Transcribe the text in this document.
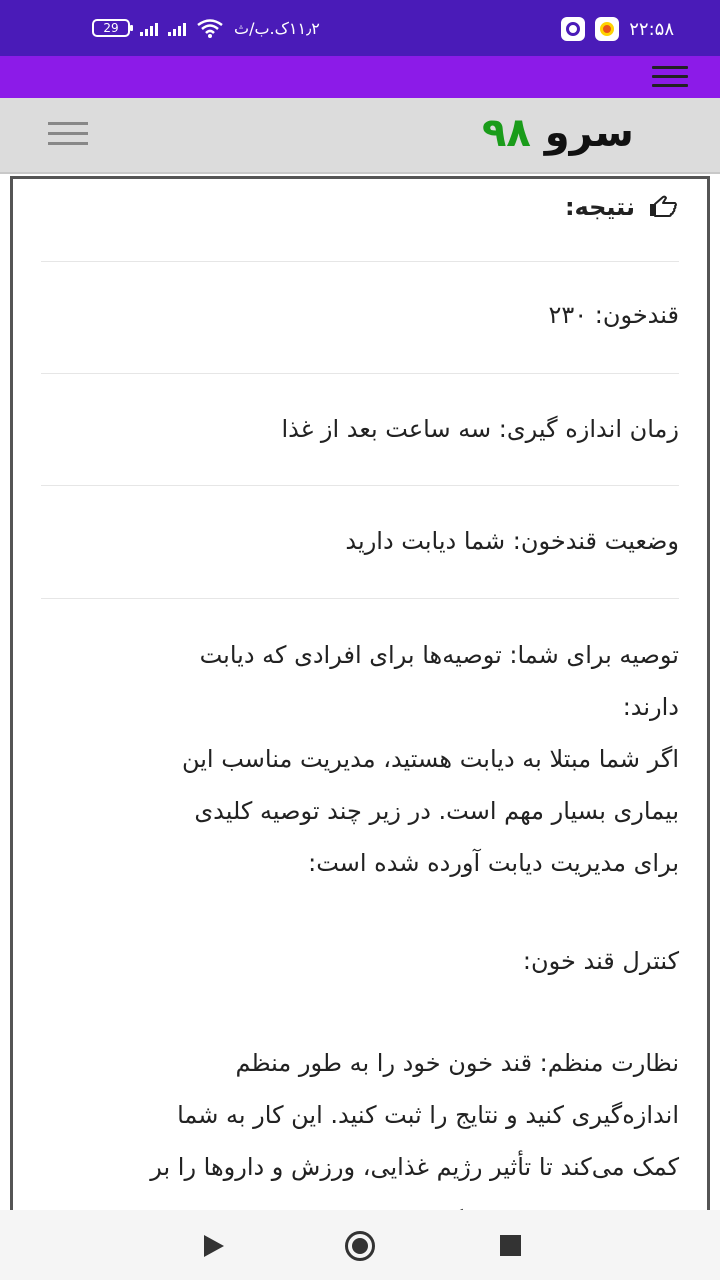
29	۱۱٫۲ک.ب/ث	۲۲:۵۸
سرو ۹۸
نتیجه:
قندخون: ۲۳۰
زمان اندازه گیری: سه ساعت بعد از غذا
وضعیت قندخون: شما دیابت دارید
توصیه برای شما: توصیه‌ها برای افرادی که دیابت
دارند:
اگر شما مبتلا به دیابت هستید، مدیریت مناسب این
بیماری بسیار مهم است. در زیر چند توصیه کلیدی
برای مدیریت دیابت آورده شده است:
کنترل قند خون:
نظارت منظم: قند خون خود را به طور منظم
اندازه‌گیری کنید و نتایج را ثبت کنید. این کار به شما
کمک می‌کند تا تأثیر رژیم غذایی، ورزش و داروها را بر
